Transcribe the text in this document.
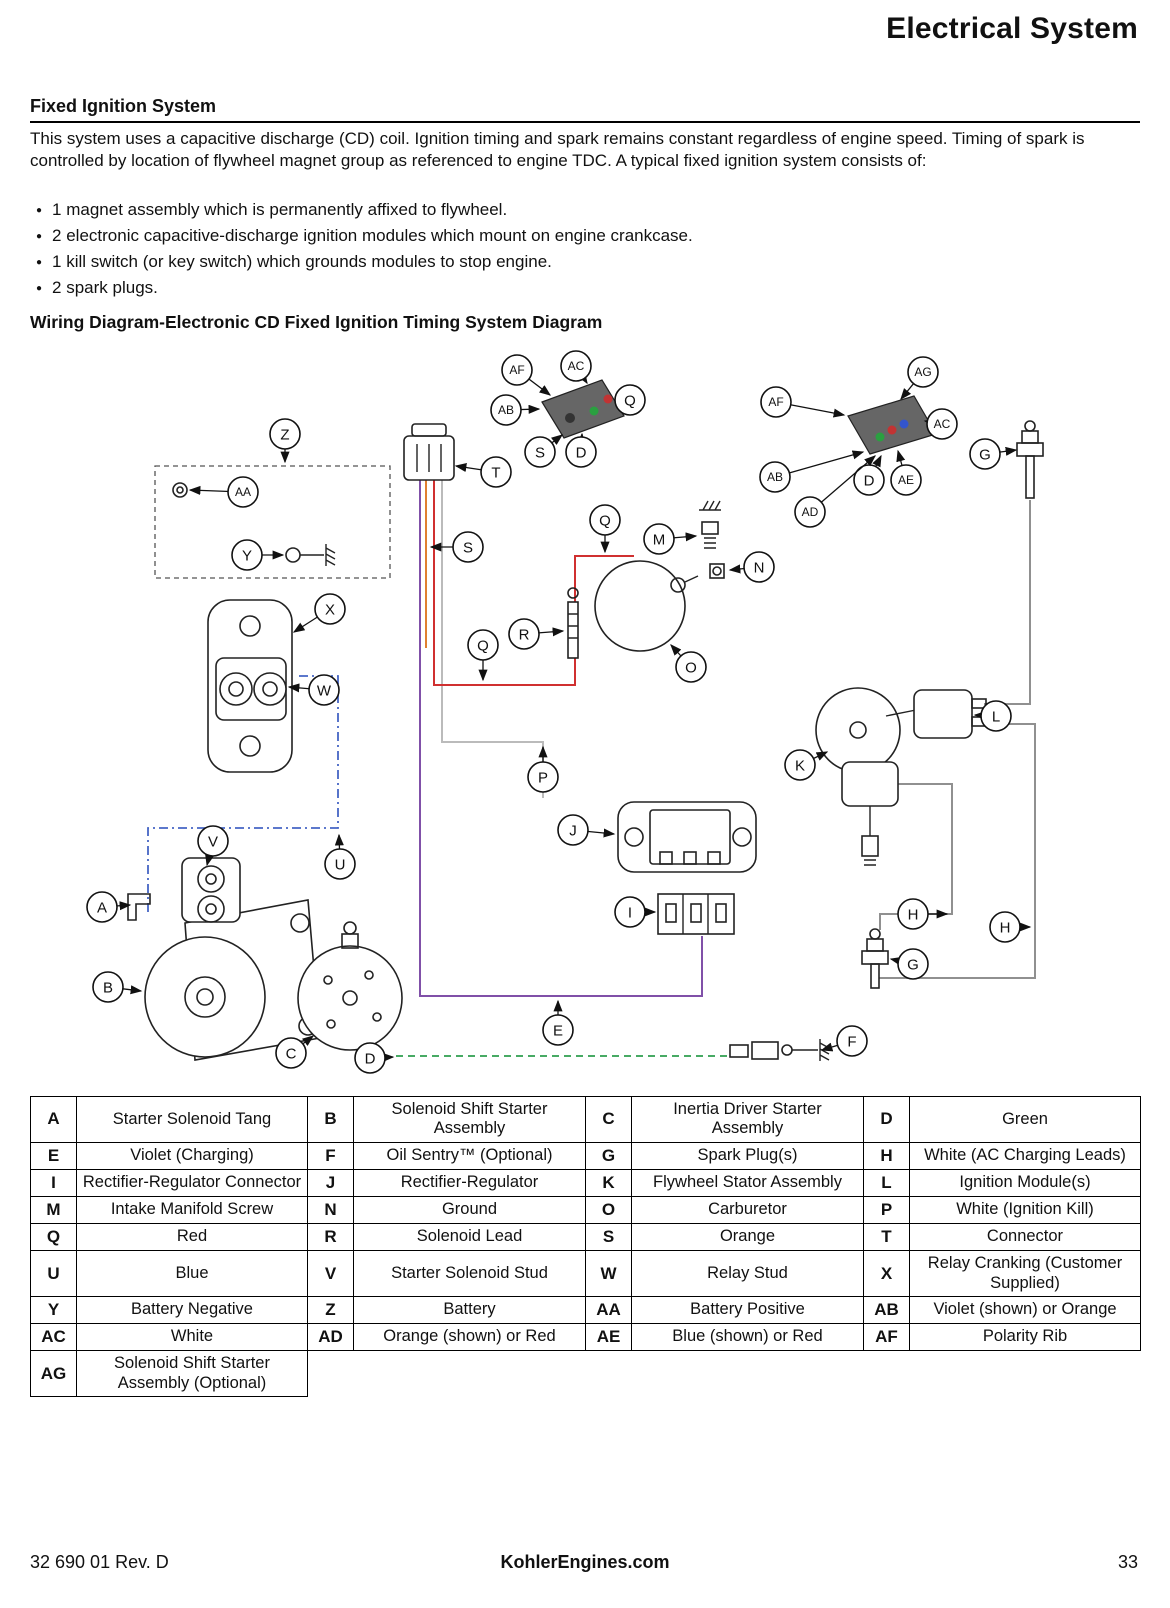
Electrical System
Fixed Ignition System
This system uses a capacitive discharge (CD) coil. Ignition timing and spark remains constant regardless of engine speed. Timing of spark is controlled by location of flywheel magnet group as referenced to engine TDC. A typical fixed ignition system consists of:
● 1 magnet assembly which is permanently affixed to flywheel.
● 2 electronic capacitive-discharge ignition modules which mount on engine crankcase.
● 1 kill switch (or key switch) which grounds modules to stop engine.
● 2 spark plugs.
Wiring Diagram-Electronic CD Fixed Ignition Timing System Diagram
AF	AC
AB
Q
S D
AG
AF
AC
AB	D AE
AD
G
Z
AA
T
Y	S
Q
M
N
X
Q
R
O
W
L
K
P
J
U
V
A	I	H
H
G
B
E
C	D
F
A	Starter Solenoid Tang	B	Solenoid Shift Starter Assembly	C	Inertia Driver Starter Assembly	D	Green
E	Violet (Charging)	F	Oil Sentry™ (Optional)	G	Spark Plug(s)	H	White (AC Charging Leads)
I	Rectifier-Regulator Connector	J	Rectifier-Regulator	K	Flywheel Stator Assembly	L	Ignition Module(s)
M	Intake Manifold Screw	N	Ground	O	Carburetor	P	White (Ignition Kill)
Q	Red	R	Solenoid Lead	S	Orange	T	Connector
U	Blue	V	Starter Solenoid Stud	W	Relay Stud	X	Relay Cranking (Customer Supplied)
Y	Battery Negative	Z	Battery	AA	Battery Positive	AB	Violet (shown) or Orange
AC	White	AD	Orange (shown) or Red	AE	Blue (shown) or Red	AF	Polarity Rib
AG	Solenoid Shift Starter Assembly (Optional)						
32 690 01 Rev. D	KohlerEngines.com	33
